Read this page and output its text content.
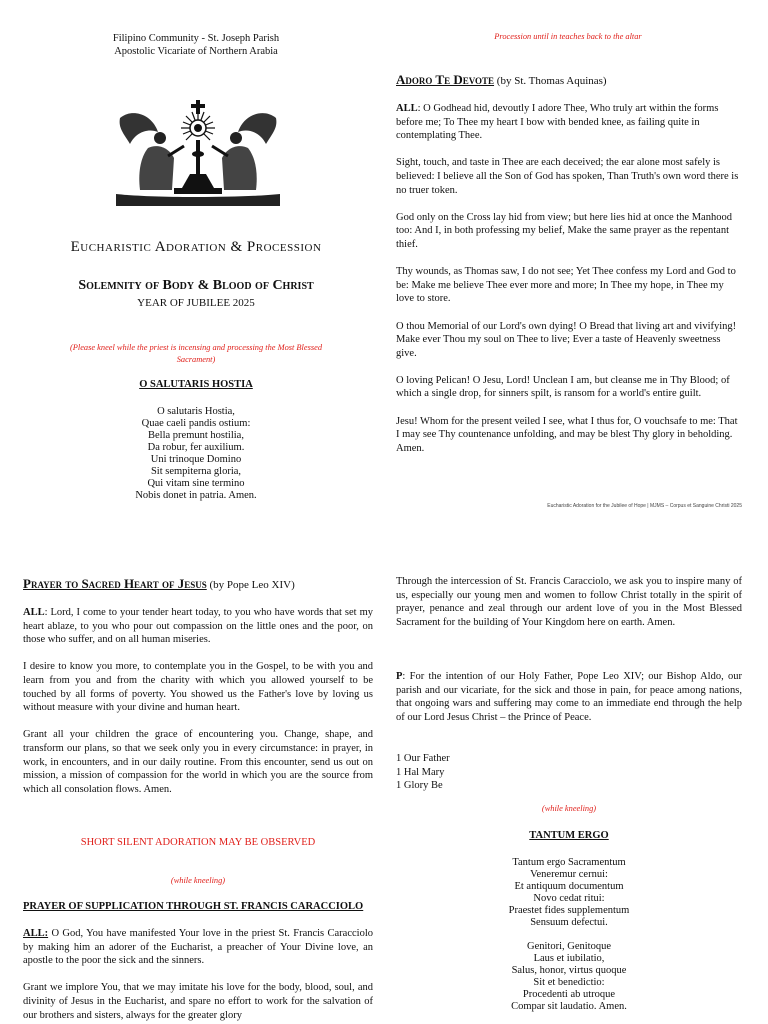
Filipino Community - St. Joseph Parish
Apostolic Vicariate of Northern Arabia
Eucharistic Adoration & Procession
Solemnity of Body & Blood of Christ
YEAR OF JUBILEE 2025
(Please kneel while the priest is incensing and processing the Most Blessed Sacrament)
O SALUTARIS HOSTIA
O salutaris Hostia,
Quae caeli pandis ostium:
Bella premunt hostilia,
Da robur, fer auxilium.
Uni trinoque Domino
Sit sempiterna gloria,
Qui vitam sine termino
Nobis donet in patria. Amen.
Procession until in teaches back to the altar
Adoro Te Devote (by St. Thomas Aquinas)

ALL: O Godhead hid, devoutly I adore Thee, Who truly art within the forms before me; To Thee my heart I bow with bended knee, as failing quite in contemplating Thee.

Sight, touch, and taste in Thee are each deceived; the ear alone most safely is believed: I believe all the Son of God has spoken, Than Truth's own word there is no truer token.

God only on the Cross lay hid from view; but here lies hid at once the Manhood too: And I, in both professing my belief, Make the same prayer as the repentant thief.

Thy wounds, as Thomas saw, I do not see; Yet Thee confess my Lord and God to be: Make me believe Thee ever more and more; In Thee my hope, in Thee my love to store.

O thou Memorial of our Lord's own dying! O Bread that living art and vivifying! Make ever Thou my soul on Thee to live; Ever a taste of Heavenly sweetness give.

O loving Pelican! O Jesu, Lord! Unclean I am, but cleanse me in Thy Blood; of which a single drop, for sinners spilt, is ransom for a world's entire guilt.

Jesu! Whom for the present veiled I see, what I thus for, O vouchsafe to me: That I may see Thy countenance unfolding, and may be blest Thy glory in beholding. Amen.

Eucharistic Adoration for the Jubilee of Hope | MJMS – Corpus et Sanguine Christi 2025
Prayer to Sacred Heart of Jesus (by Pope Leo XIV)

ALL: Lord, I come to your tender heart today, to you who have words that set my heart ablaze, to you who pour out compassion on the little ones and the poor, on those who suffer, and on all human miseries.

I desire to know you more, to contemplate you in the Gospel, to be with you and learn from you and from the charity with which you allowed yourself to be touched by all forms of poverty. You showed us the Father's love by loving us without measure with your divine and human heart.

Grant all your children the grace of encountering you. Change, shape, and transform our plans, so that we seek only you in every circumstance: in prayer, in work, in encounters, and in our daily routine. From this encounter, send us out on mission, a mission of compassion for the world in which you are the source from which all consolation flows. Amen.

SHORT SILENT ADORATION MAY BE OBSERVED
(while kneeling)
PRAYER OF SUPPLICATION THROUGH ST. FRANCIS CARACCIOLO

ALL: O God, You have manifested Your love in the priest St. Francis Caracciolo by making him an adorer of the Eucharist, a preacher of Your Divine love, an apostle to the poor the sick and the sinners.

Grant we implore You, that we may imitate his love for the body, blood, soul, and divinity of Jesus in the Eucharist, and spare no effort to work for the salvation of our brothers and sisters, always for the greater glory

Through the intercession of St. Francis Caracciolo, we ask you to inspire many of us, especially our young men and women to follow Christ totally in the spirit of prayer, penance and zeal through our ardent love of you in the Most Blessed Sacrament for the building of Your Kingdom here on earth. Amen.
P: For the intention of our Holy Father, Pope Leo XIV; our Bishop Aldo, our parish and our vicariate, for the sick and those in pain, for peace among nations, that ongoing wars and suffering may come to an immediate end through the help of our Lord Jesus Christ – the Prince of Peace.
1 Our Father
1 Hal Mary
1 Glory Be
(while kneeling)
TANTUM ERGO
Tantum ergo Sacramentum
Veneremur cernui:
Et antiquum documentum
Novo cedat ritui:
Praestet fides supplementum
Sensuum defectui.
Genitori, Genitoque
Laus et iubilatio,
Salus, honor, virtus quoque
Sit et benedictio:
Procedenti ab utroque
Compar sit laudatio. Amen.
